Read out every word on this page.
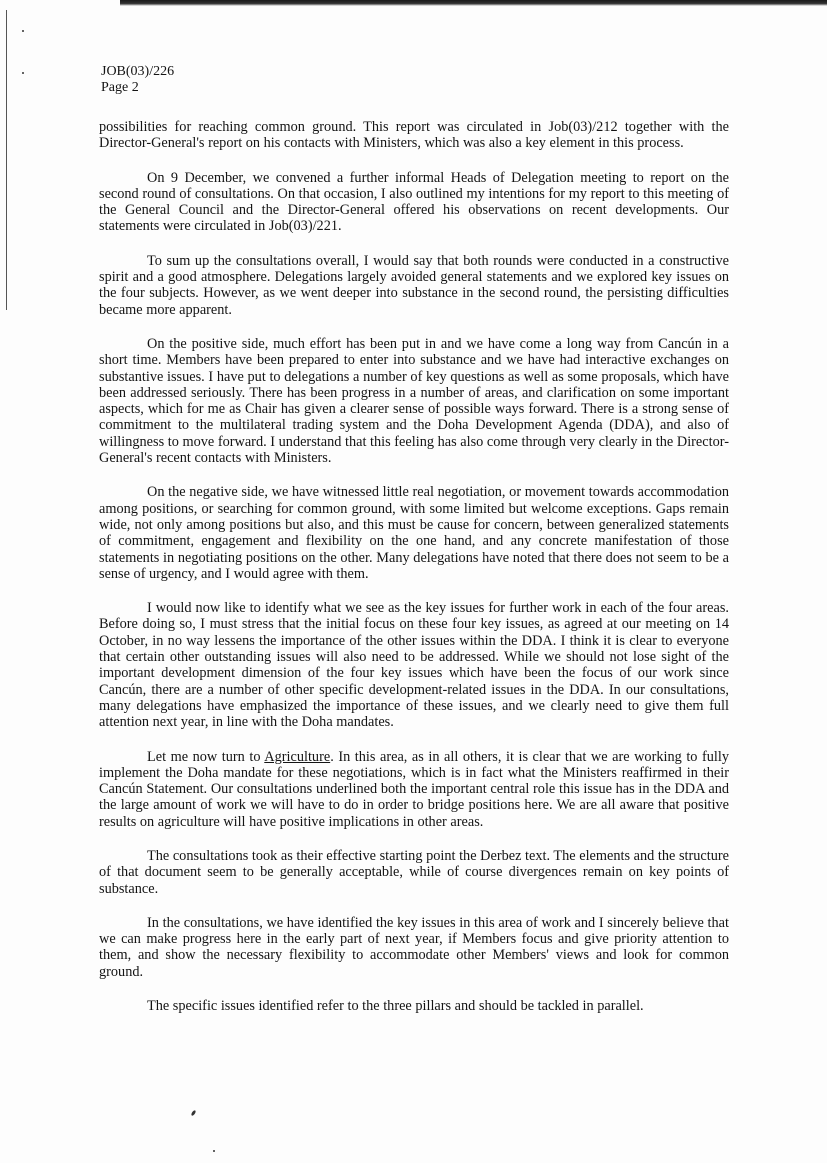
JOB(03)/226
Page 2

possibilities for reaching common ground. This report was circulated in Job(03)/212 together with the Director-General's report on his contacts with Ministers, which was also a key element in this process.

On 9 December, we convened a further informal Heads of Delegation meeting to report on the second round of consultations. On that occasion, I also outlined my intentions for my report to this meeting of the General Council and the Director-General offered his observations on recent developments. Our statements were circulated in Job(03)/221.

To sum up the consultations overall, I would say that both rounds were conducted in a constructive spirit and a good atmosphere. Delegations largely avoided general statements and we explored key issues on the four subjects. However, as we went deeper into substance in the second round, the persisting difficulties became more apparent.

On the positive side, much effort has been put in and we have come a long way from Cancún in a short time. Members have been prepared to enter into substance and we have had interactive exchanges on substantive issues. I have put to delegations a number of key questions as well as some proposals, which have been addressed seriously. There has been progress in a number of areas, and clarification on some important aspects, which for me as Chair has given a clearer sense of possible ways forward. There is a strong sense of commitment to the multilateral trading system and the Doha Development Agenda (DDA), and also of willingness to move forward. I understand that this feeling has also come through very clearly in the Director-General's recent contacts with Ministers.

On the negative side, we have witnessed little real negotiation, or movement towards accommodation among positions, or searching for common ground, with some limited but welcome exceptions. Gaps remain wide, not only among positions but also, and this must be cause for concern, between generalized statements of commitment, engagement and flexibility on the one hand, and any concrete manifestation of those statements in negotiating positions on the other. Many delegations have noted that there does not seem to be a sense of urgency, and I would agree with them.

I would now like to identify what we see as the key issues for further work in each of the four areas. Before doing so, I must stress that the initial focus on these four key issues, as agreed at our meeting on 14 October, in no way lessens the importance of the other issues within the DDA. I think it is clear to everyone that certain other outstanding issues will also need to be addressed. While we should not lose sight of the important development dimension of the four key issues which have been the focus of our work since Cancún, there are a number of other specific development-related issues in the DDA. In our consultations, many delegations have emphasized the importance of these issues, and we clearly need to give them full attention next year, in line with the Doha mandates.

Let me now turn to Agriculture. In this area, as in all others, it is clear that we are working to fully implement the Doha mandate for these negotiations, which is in fact what the Ministers reaffirmed in their Cancún Statement. Our consultations underlined both the important central role this issue has in the DDA and the large amount of work we will have to do in order to bridge positions here. We are all aware that positive results on agriculture will have positive implications in other areas.

The consultations took as their effective starting point the Derbez text. The elements and the structure of that document seem to be generally acceptable, while of course divergences remain on key points of substance.

In the consultations, we have identified the key issues in this area of work and I sincerely believe that we can make progress here in the early part of next year, if Members focus and give priority attention to them, and show the necessary flexibility to accommodate other Members' views and look for common ground.

The specific issues identified refer to the three pillars and should be tackled in parallel.
